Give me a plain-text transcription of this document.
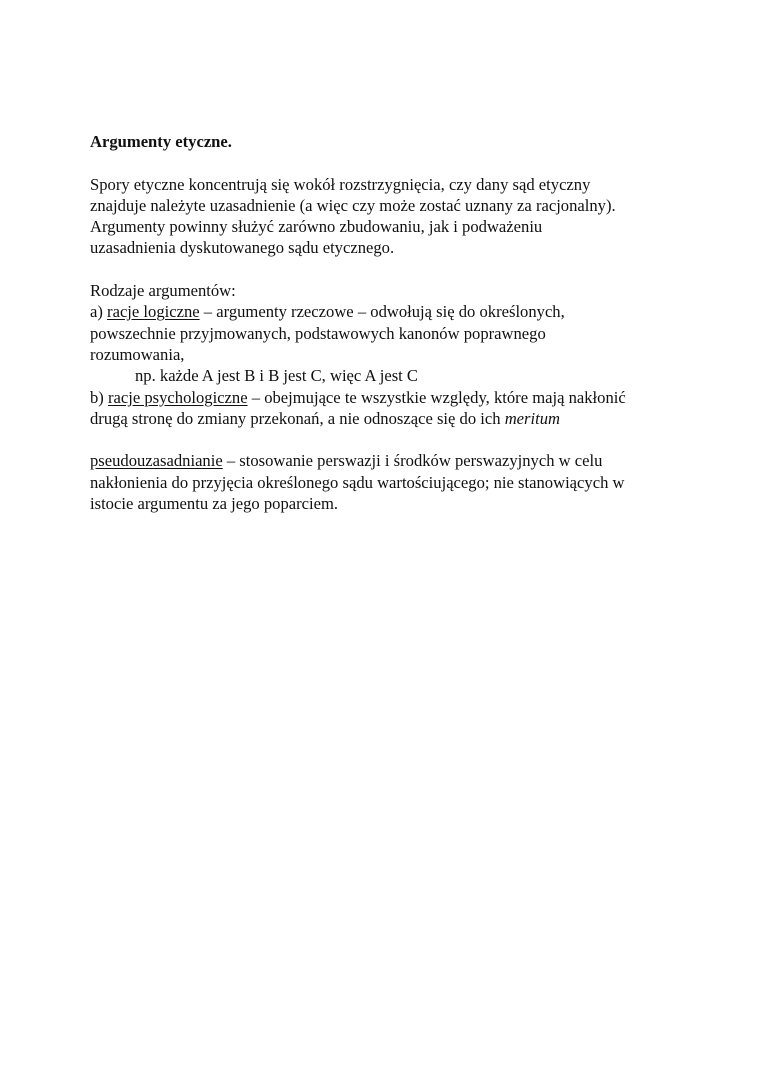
Argumenty etyczne.

Spory etyczne koncentrują się wokół rozstrzygnięcia, czy dany sąd etyczny
znajduje należyte uzasadnienie (a więc czy może zostać uznany za racjonalny).
Argumenty powinny służyć zarówno zbudowaniu, jak i podważeniu
uzasadnienia dyskutowanego sądu etycznego.

Rodzaje argumentów:
a) racje logiczne – argumenty rzeczowe – odwołują się do określonych,
powszechnie przyjmowanych, podstawowych kanonów poprawnego
rozumowania,
np. każde A jest B i B jest C, więc A jest C
b) racje psychologiczne – obejmujące te wszystkie względy, które mają nakłonić
drugą stronę do zmiany przekonań, a nie odnoszące się do ich meritum

pseudouzasadnianie – stosowanie perswazji i środków perswazyjnych w celu
nakłonienia do przyjęcia określonego sądu wartościującego; nie stanowiących w
istocie argumentu za jego poparciem.
